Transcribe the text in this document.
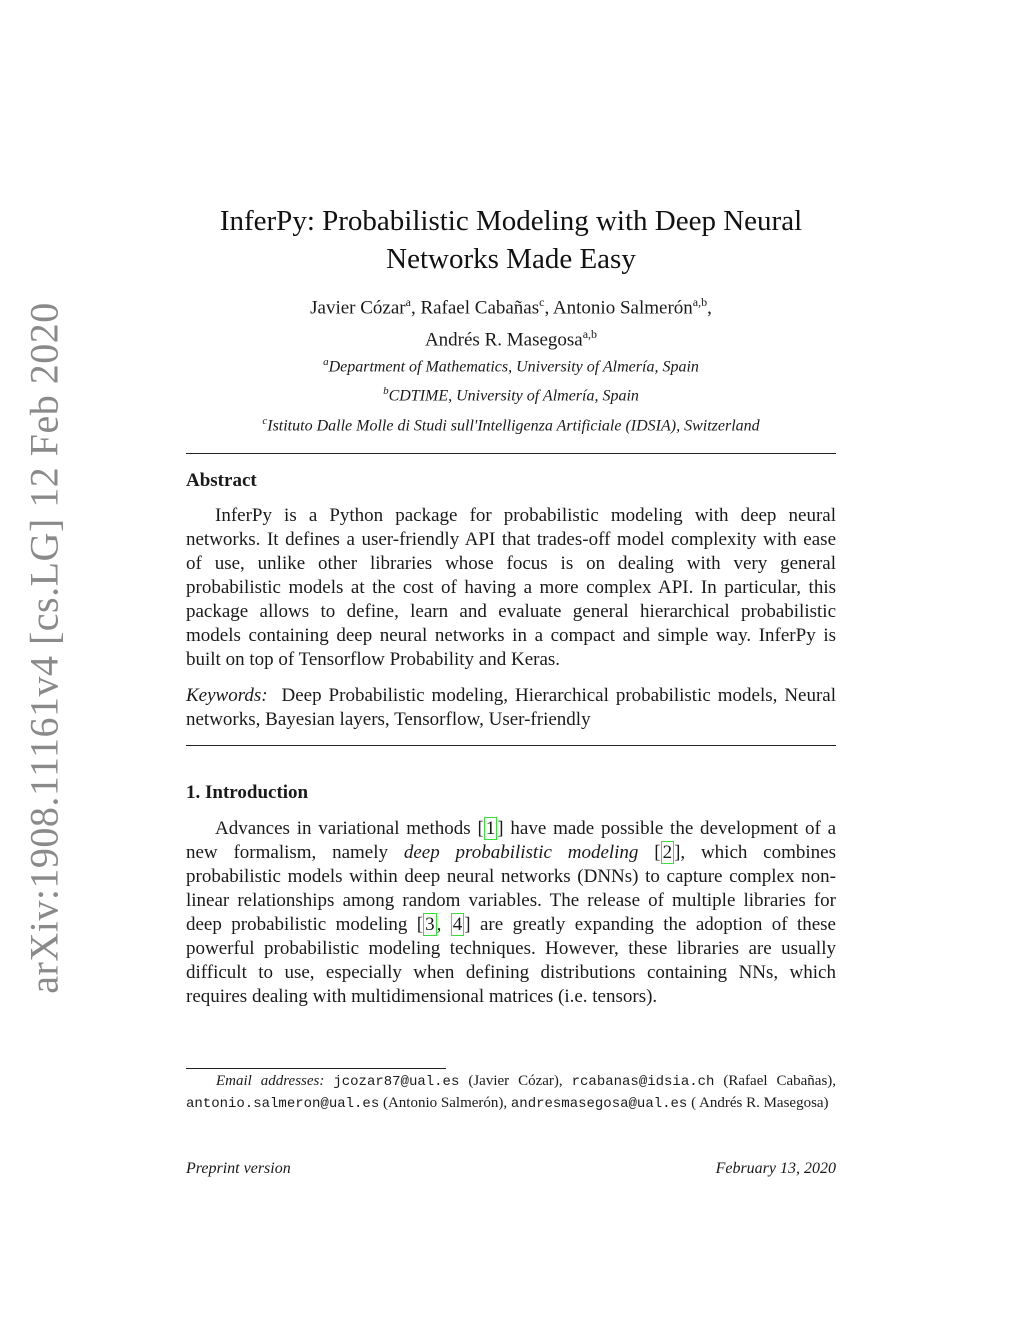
arXiv:1908.11161v4 [cs.LG] 12 Feb 2020
InferPy: Probabilistic Modeling with Deep Neural
Networks Made Easy
Javier Cózar$^a$, Rafael Cabañas$^c$, Antonio Salmerón$^{a,b}$,
Andrés R. Masegosa$^{a,b}$
$^a$Department of Mathematics, University of Almería, Spain
$^b$CDTIME, University of Almería, Spain
$^c$Istituto Dalle Molle di Studi sull'Intelligenza Artificiale (IDSIA), Switzerland
Abstract
InferPy is a Python package for probabilistic modeling with deep neural networks. It defines a user-friendly API that trades-off model complexity with ease of use, unlike other libraries whose focus is on dealing with very general probabilistic models at the cost of having a more complex API. In particular, this package allows to define, learn and evaluate general hierarchical probabilistic models containing deep neural networks in a compact and simple way. InferPy is built on top of Tensorflow Probability and Keras.
Keywords: Deep Probabilistic modeling, Hierarchical probabilistic models, Neural networks, Bayesian layers, Tensorflow, User-friendly
1. Introduction
Advances in variational methods [ 1 ] have made possible the development of a new formalism, namely deep probabilistic modeling [ 2 ], which combines probabilistic models within deep neural networks (DNNs) to capture complex non-linear relationships among random variables. The release of multiple libraries for deep probabilistic modeling [ 3 , 4 ] are greatly expanding the adoption of these powerful probabilistic modeling techniques. However, these libraries are usually difficult to use, especially when defining distributions containing NNs, which requires dealing with multidimensional matrices (i.e. tensors).
Email addresses: jcozar87@ual.es (Javier Cózar), rcabanas@idsia.ch (Rafael Cabañas), antonio.salmeron@ual.es (Antonio Salmerón), andresmasegosa@ual.es ( Andrés R. Masegosa)
Preprint version	February 13, 2020
